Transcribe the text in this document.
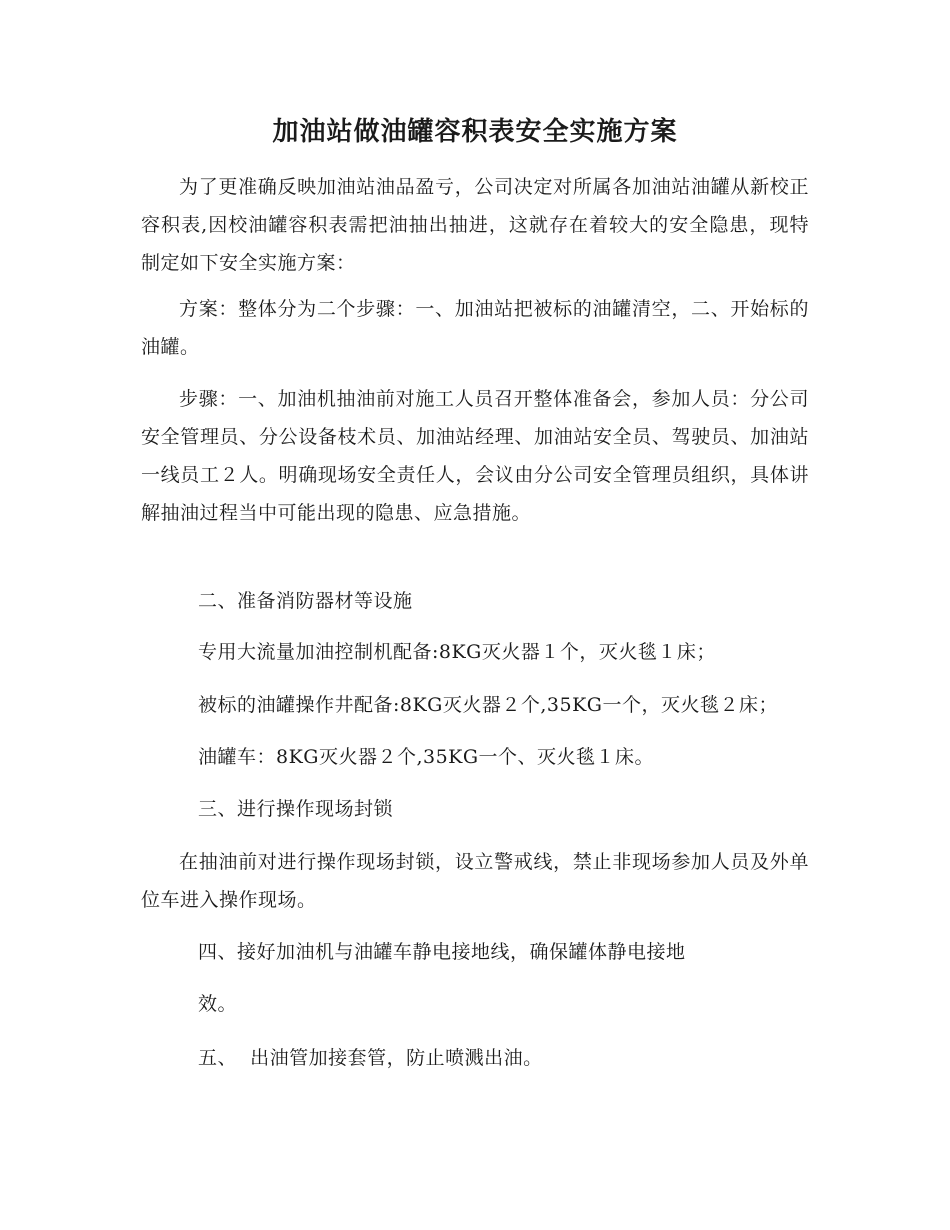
加油站做油罐容积表安全实施方案

为了更准确反映加油站油品盈亏，公司决定对所属各加油站油罐从新校正容积表,因校油罐容积表需把油抽出抽进，这就存在着较大的安全隐患，现特制定如下安全实施方案：

方案：整体分为二个步骤：一、加油站把被标的油罐清空，二、开始标的油罐。

步骤：一、加油机抽油前对施工人员召开整体准备会，参加人员：分公司安全管理员、分公设备枝术员、加油站经理、加油站安全员、驾驶员、加油站一线员工２人。明确现场安全责任人，会议由分公司安全管理员组织，具体讲解抽油过程当中可能出现的隐患、应急措施。

二、准备消防器材等设施

专用大流量加油控制机配备:8KG灭火器１个，灭火毯１床；

被标的油罐操作井配备:8KG灭火器２个,35KG一个，灭火毯２床；

油罐车：8KG灭火器２个,35KG一个、灭火毯１床。

三、进行操作现场封锁

在抽油前对进行操作现场封锁，设立警戒线，禁止非现场参加人员及外单位车进入操作现场。

四、接好加油机与油罐车静电接地线，确保罐体静电接地

效。

五、  出油管加接套管，防止喷溅出油。
